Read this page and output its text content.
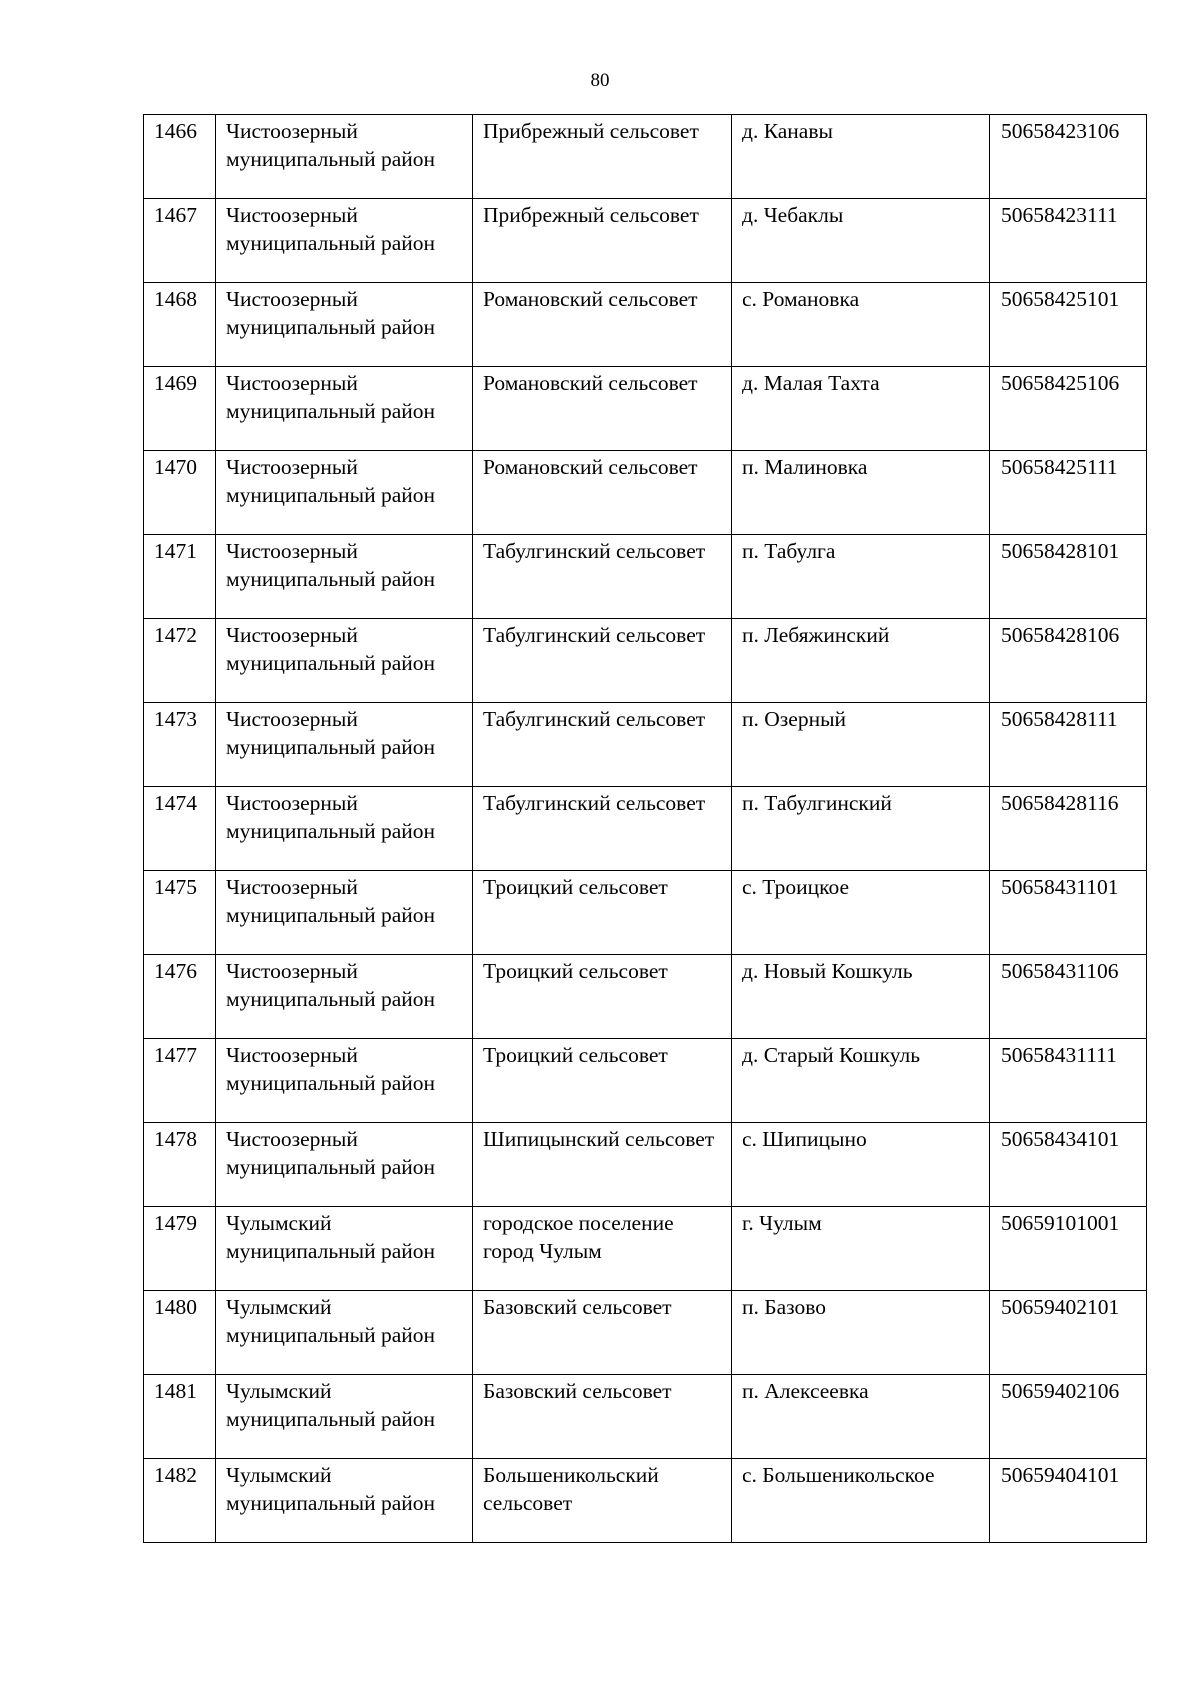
80
1466	Чистоозерный муниципальный район	Прибрежный сельсовет	д. Канавы	50658423106
1467	Чистоозерный муниципальный район	Прибрежный сельсовет	д. Чебаклы	50658423111
1468	Чистоозерный муниципальный район	Романовский сельсовет	с. Романовка	50658425101
1469	Чистоозерный муниципальный район	Романовский сельсовет	д. Малая Тахта	50658425106
1470	Чистоозерный муниципальный район	Романовский сельсовет	п. Малиновка	50658425111
1471	Чистоозерный муниципальный район	Табулгинский сельсовет	п. Табулга	50658428101
1472	Чистоозерный муниципальный район	Табулгинский сельсовет	п. Лебяжинский	50658428106
1473	Чистоозерный муниципальный район	Табулгинский сельсовет	п. Озерный	50658428111
1474	Чистоозерный муниципальный район	Табулгинский сельсовет	п. Табулгинский	50658428116
1475	Чистоозерный муниципальный район	Троицкий сельсовет	с. Троицкое	50658431101
1476	Чистоозерный муниципальный район	Троицкий сельсовет	д. Новый Кошкуль	50658431106
1477	Чистоозерный муниципальный район	Троицкий сельсовет	д. Старый Кошкуль	50658431111
1478	Чистоозерный муниципальный район	Шипицынский сельсовет	с. Шипицыно	50658434101
1479	Чулымский муниципальный район	городское поселение город Чулым	г. Чулым	50659101001
1480	Чулымский муниципальный район	Базовский сельсовет	п. Базово	50659402101
1481	Чулымский муниципальный район	Базовский сельсовет	п. Алексеевка	50659402106
1482	Чулымский муниципальный район	Большеникольский сельсовет	с. Большеникольское	50659404101
